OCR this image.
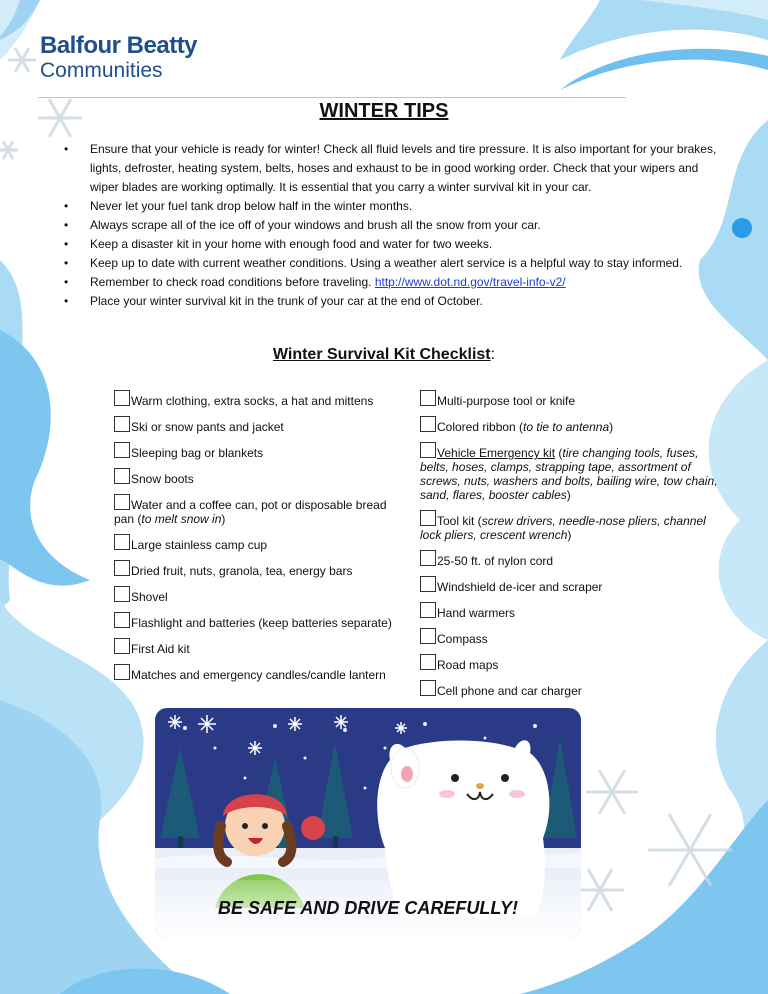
Balfour Beatty
Communities
WINTER TIPS
• Ensure that your vehicle is ready for winter! Check all fluid levels and tire pressure. It is also important for your brakes, lights, defroster, heating system, belts, hoses and exhaust to be in good working order. Check that your wipers and wiper blades are working optimally. It is essential that you carry a winter survival kit in your car.
• Never let your fuel tank drop below half in the winter months.
• Always scrape all of the ice off of your windows and brush all the snow from your car.
• Keep a disaster kit in your home with enough food and water for two weeks.
• Keep up to date with current weather conditions. Using a weather alert service is a helpful way to stay informed.
• Remember to check road conditions before traveling. http://www.dot.nd.gov/travel-info-v2/
• Place your winter survival kit in the trunk of your car at the end of October.
Winter Survival Kit Checklist:
Warm clothing, extra socks, a hat and mittens
Ski or snow pants and jacket
Sleeping bag or blankets
Snow boots
Water and a coffee can, pot or disposable bread pan (to melt snow in)
Large stainless camp cup
Dried fruit, nuts, granola, tea, energy bars
Shovel
Flashlight and batteries (keep batteries separate)
First Aid kit
Matches and emergency candles/candle lantern
Multi-purpose tool or knife
Colored ribbon (to tie to antenna)
Vehicle Emergency kit (tire changing tools, fuses, belts, hoses, clamps, strapping tape, assortment of screws, nuts, washers and bolts, bailing wire, tow chain, sand, flares, booster cables)
Tool kit (screw drivers, needle-nose pliers, channel lock pliers, crescent wrench)
25-50 ft. of nylon cord
Windshield de-icer and scraper
Hand warmers
Compass
Road maps
Cell phone and car charger
BE SAFE AND DRIVE CAREFULLY!
